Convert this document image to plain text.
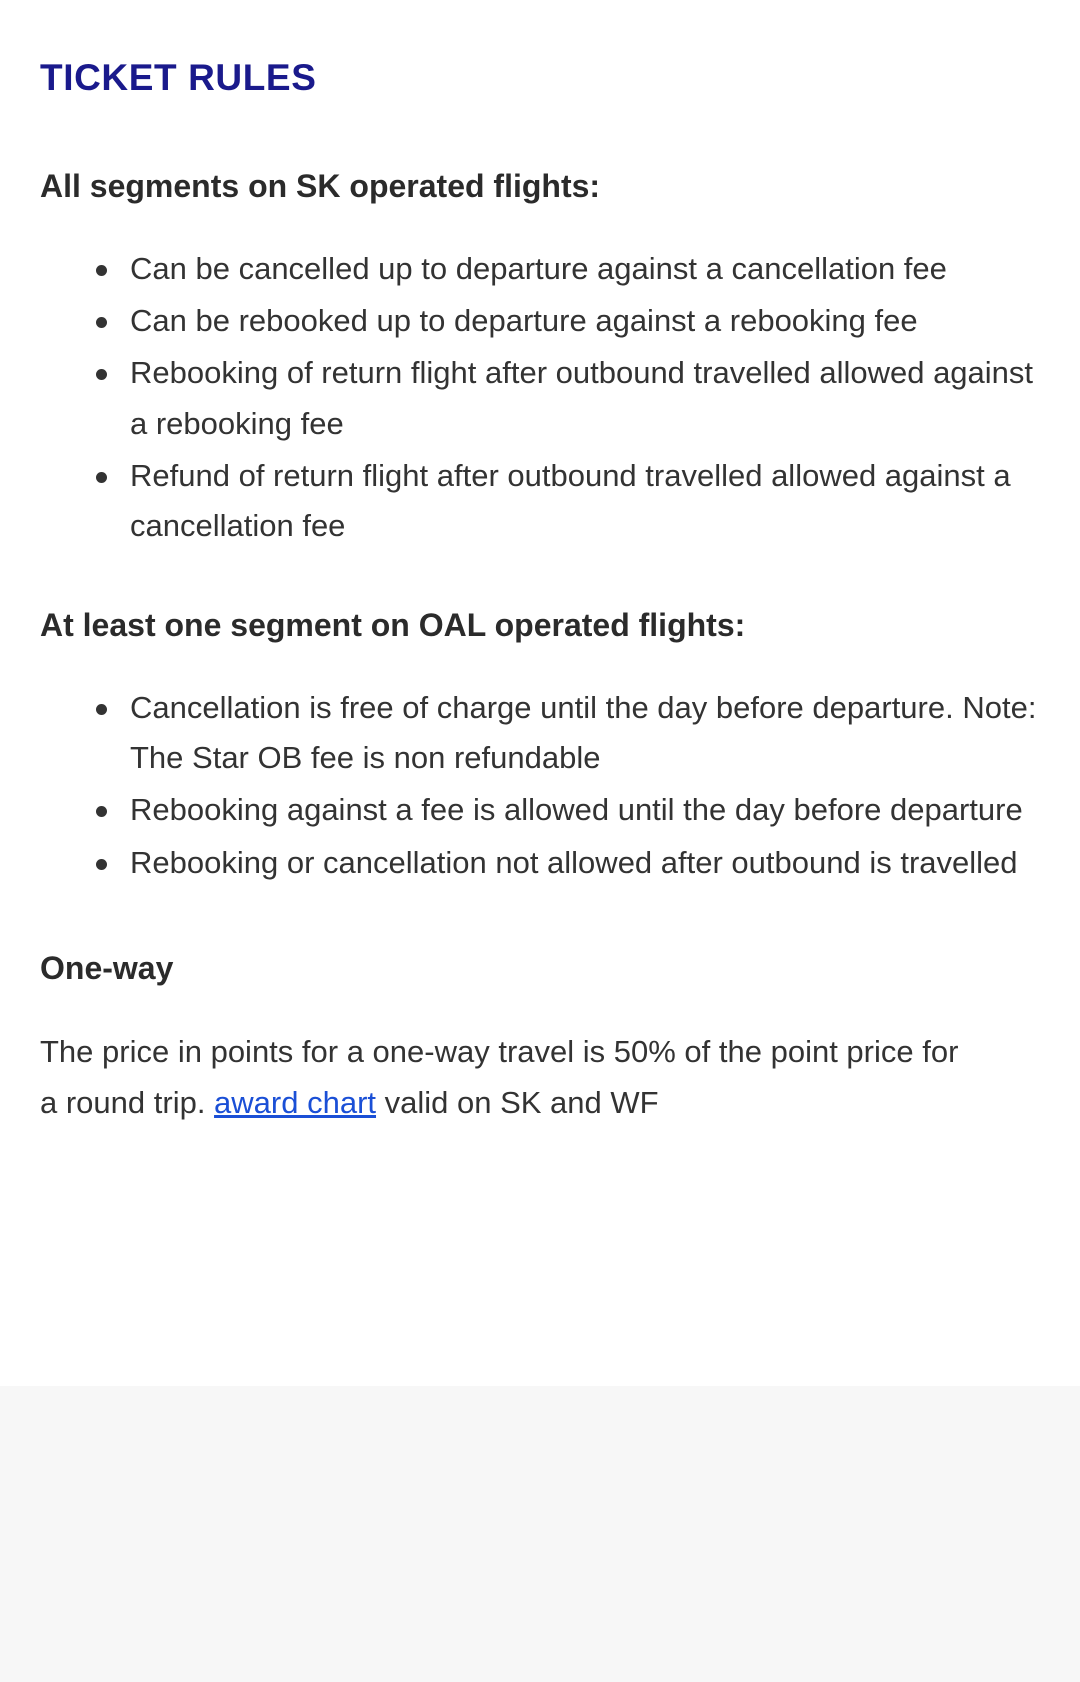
TICKET RULES
All segments on SK operated flights:
Can be cancelled up to departure against a cancellation fee
Can be rebooked up to departure against a rebooking fee
Rebooking of return flight after outbound travelled allowed against a rebooking fee
Refund of return flight after outbound travelled allowed against a cancellation fee
At least one segment on OAL operated flights:
Cancellation is free of charge until the day before departure. Note: The Star OB fee is non refundable
Rebooking against a fee is allowed until the day before departure
Rebooking or cancellation not allowed after outbound is travelled
One-way

The price in points for a one-way travel is 50% of the point price for a round trip. award chart valid on SK and WF
